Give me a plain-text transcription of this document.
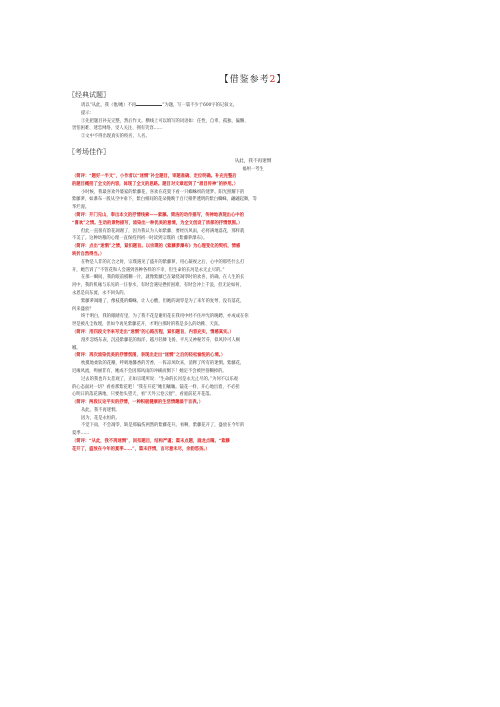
【借鉴参考2】

〖经典试题〗

请以“从此，我（他/她）不再	”为题，写一篇不少于600字的记叙文。

提示：

①先把题目补充完整，然后作文。横线上可以填写的词语如：任性、自卑、孤独、偏懒、

害怕困难、迷恋网络、受人关注、拥有笑容……

②文中不得出现真实的校名、人名。

〖考场佳作〗

从此，我不再迷惘

福州一考生

（简评：“题好一半文”，小作者以“迷惘”补全题目，审题准确、定位明确。补充完整后

的题目概括了全文的内容，体现了全文的思路。题目对文章起到了“眉目传神”的妙用。）

小时候，我最喜欢外婆家的紫藤花，喜欢在花架下看一只蜘蛛织的迷梦。阳光照耀下的

紫藤萝，如瀑布一般从空中垂下，紫白相间的花朵掩映于百尺相伴透明的紫白蜘蛛，翩翩起舞，等

华烂漫。

（简评：开门见山，奉出本文的抒情线索——紫藤。简洁的动作描写，传神地表现出心中的

“喜欢”之情。生动的景物描写，渲染出一种优美的意境，为全文创设了浓郁的抒情氛围。）

但此一直很有韵花凋谢了，因为我认为人如紫藤，要经历风雨，必将满地落花，那样就

不美了。这种幼稚的心理一直保持到初一时读到宗璞的《紫藤萝瀑布》。

（简评：点出“迷惘”之情，紧扣题旨。以宗璞的《紫藤萝瀑布》为心理变化的契机，情感

转折自然得当。）

在物是人非的瓦合之时，宗璞遇见了盛开的紫藤萝，用心凝视之后，心中的那些什么打

开，她告诉了“不管花和人会遇到各种各样的不幸，但生命的长河是永无止尽的。”

在那一瞬间，我的眼前模糊一片，就像紫藤已在紧绕凋零时的欢喜，的确，在人生的长

河中，我的机缘与乐见的一汪春水，有时会遇见挫折困难，有时会冲上千浪，但无论如何，

永恩是向东流，永不回头的。

紫藤萝凋谢了，像枝蔓的蜘蛛，让人心酸，但她的凋零是为了来年的复萼，没有落花，

何来盛放？

终于明白，我的眼睛有里，为了我不花是谢用花在我用中经不住冲光的晚聘，亦成成在你

世是被凡尘收埋，但如今再见紫藤花开，才明白那时的我是多么的幼稚、天真。

（简评：用四段文字来写走出“迷惘”的心路历程，紧扣题旨，内容充实，情感真实。）

漫步忽烙东表，沉浸紫藤花的海洋，越月轻舞飞扬，平凡又神秘芳芬，似风铃可人桐

娜。

（简评：再次渲染优美的抒情氛围，表现出走出“迷惘”之后的轻松愉悦的心境。）

枕摸地柔软的花瓣，呼吸地馨香的芳香，一阵凉风吹来，消释了所有的迷惘。紫藤花，

迟缘风流，殉丽非有，她成不会因那风雨的冲刷而倒下！她定不会被世俗糊掉的。

过去的我也许太悲观了，正如宗璞所说：“生命的长河是永无止尽的。”为何不以乐观

的心态面对一切？看看那紫花吧！“我在开花”她们嚷嚷。镜花一样，开心地出着，不必担

心明日的落花满地，只要抬头望天，看“天外云卷云舒”，看庭前花开花落。

（简评：两段议论平实的抒情，一种积极健康的生活情趣溢于言表。）

从此，我不再迷惘。

因为，花是永恒的。

不觉下雨，不会凋零，缺是那偏伤两然的紫藤花开。看啊，紫藤花开了，盛放在今年的

夏季……

（简评：“从此，我不再迷惘”，回扣题目，结构严谨；篇末点题，画龙点睛。“紫藤

花开了，盛放在今年的夏季……”，篇末抒情，言尽意未尽，余韵悠扬。）
